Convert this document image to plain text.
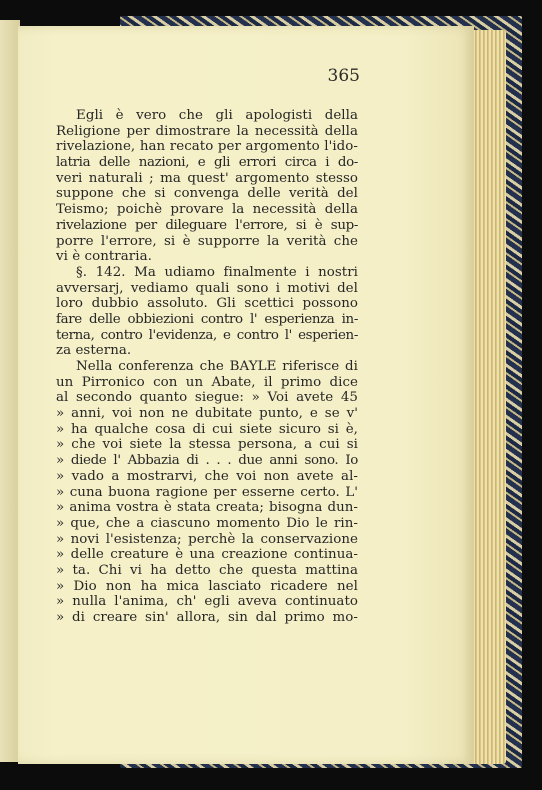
365
Egli è vero che gli apologisti della
Religione per dimostrare la necessità della
rivelazione, han recato per argomento l'ido-
latria delle nazioni, e gli errori circa i do-
veri naturali ; ma quest' argomento stesso
suppone che si convenga delle verità del
Teismo; poichè provare la necessità della
rivelazione per dileguare l'errore, si è sup-
porre l'errore, si è supporre la verità che
vi è contraria.
§. 142. Ma udiamo finalmente i nostri
avversarj, vediamo quali sono i motivi del
loro dubbio assoluto. Gli scettici possono
fare delle obbiezioni contro l' esperienza in-
terna, contro l'evidenza, e contro l' esperien-
za esterna.
Nella conferenza che BAYLE riferisce di
un Pirronico con un Abate, il primo dice
al secondo quanto siegue: » Voi avete 45
» anni, voi non ne dubitate punto, e se v'
» ha qualche cosa di cui siete sicuro si è,
» che voi siete la stessa persona, a cui si
» diede l' Abbazia di . . . due anni sono. Io
» vado a mostrarvi, che voi non avete al-
» cuna buona ragione per esserne certo. L'
» anima vostra è stata creata; bisogna dun-
» que, che a ciascuno momento Dio le rin-
» novi l'esistenza; perchè la conservazione
» delle creature è una creazione continua-
» ta. Chi vi ha detto che questa mattina
» Dio non ha mica lasciato ricadere nel
» nulla l'anima, ch' egli aveva continuato
» di creare sin' allora, sin dal primo mo-
